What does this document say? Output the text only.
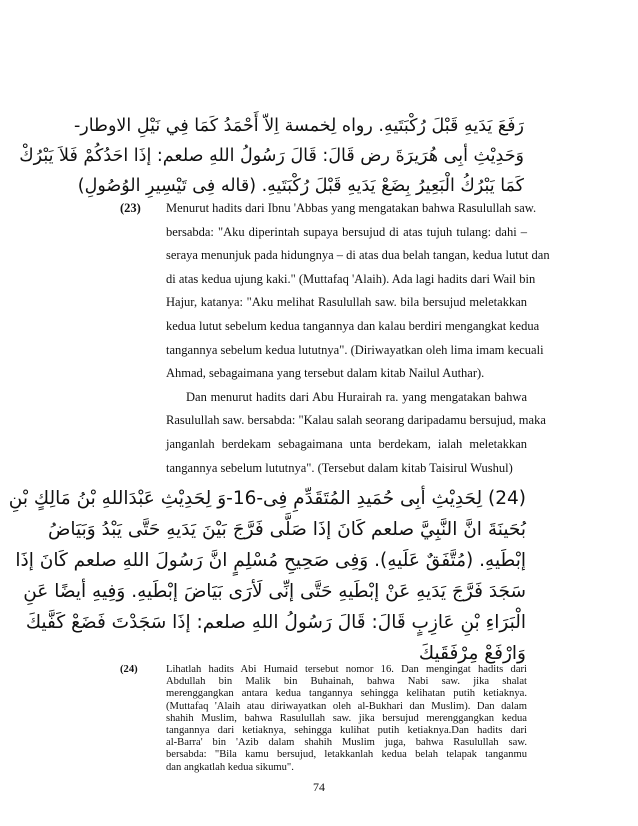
رَفَعَ يَدَيهِ قَبْلَ رُكْبَتَيهِ. رواه لِخمسة اِلاّ أَحْمَدُ كَمَا فِي نَيْلِ الاوطار-
وَحَدِيْثِ أبِى هُرَيرَةَ رض قَالَ: قَالَ رَسُولُ اللهِ صلعم: إذَا احَدُكُمْ فَلاَ يَبْرُكْ
كَمَا يَبْرُكُ الْبَعِيرُ بِضَعْ يَدَيهِ قَبْلَ رُكْبَتَيهِ. (قاله فِى تَيْسِيرِ الوُصُولِ)
(23) Menurut hadits dari Ibnu 'Abbas yang mengatakan bahwa Rasulullah saw.
bersabda: "Aku diperintah supaya bersujud di atas tujuh tulang: dahi –
seraya menunjuk pada hidungnya – di atas dua belah tangan, kedua lutut dan
di atas kedua ujung kaki." (Muttafaq 'Alaih). Ada lagi hadits dari Wail bin
Hajur, katanya: "Aku melihat Rasulullah saw. bila bersujud meletakkan
kedua lutut sebelum kedua tangannya dan kalau berdiri mengangkat kedua
tangannya sebelum kedua lututnya". (Diriwayatkan oleh lima imam kecuali
Ahmad, sebagaimana yang tersebut dalam kitab Nailul Authar).
Dan menurut hadits dari Abu Hurairah ra. yang mengatakan bahwa
Rasulullah saw. bersabda: "Kalau salah seorang daripadamu bersujud, maka
janganlah berdekam sebagaimana unta berdekam, ialah meletakkan
tangannya sebelum lututnya". (Tersebut dalam kitab Taisirul Wushul)
(24) لِحَدِيْثِ أبِى حُمَيدِ المُتَقَدِّمِ فِى-16-وَ لِحَدِيْثِ عَبْدَاللهِ بْنُ مَالِكٍ بْنِ
بُحَينَةَ انَّ النَّبِيَّ صلعم كَانَ إذَا صَلَّى فَرَّجَ بَيْنَ يَدَيهِ حَتَّى يَبْدُ وَبَيَاضُ
إبْطَيهِ. (مُتَّفَقٌ عَلَيهِ). وَفِى صَحِيحِ مُسْلِمٍ انَّ رَسُولَ اللهِ صلعم كَانَ إذَا
سَجَدَ فَرَّجَ يَدَيهِ عَنْ إبْطَيهِ حَتَّى إنِّى لَأرَى بَيَاضَ إبْطَيهِ. وَفِيهِ أيضًا عَنِ
الْبَرَاءِ بْنِ عَازِبٍ قَالَ: قَالَ رَسُولُ اللهِ صلعم: إذَا سَجَدْتَ فَضَعْ كَفَّيكَ
وَارْفَعْ مِرْفَقَيكَ
(24)
74
Lihatlah hadits Abi Humaid tersebut nomor 16. Dan mengingat hadits dari
Abdullah bin Malik bin Buhainah, bahwa Nabi saw. jika shalat
merenggangkan antara kedua tangannya sehingga kelihatan putih ketiaknya.
(Muttafaq 'Alaih atau diriwayatkan oleh al-Bukhari dan Muslim). Dan dalam
shahih Muslim, bahwa Rasulullah saw. jika bersujud merenggangkan kedua
tangannya dari ketiaknya, sehingga kulihat putih ketiaknya.Dan hadits dari
al-Barra' bin 'Azib dalam shahih Muslim juga, bahwa Rasulullah saw.
bersabda: "Bila kamu bersujud, letakkanlah kedua belah telapak tanganmu
dan angkatlah kedua sikumu".
